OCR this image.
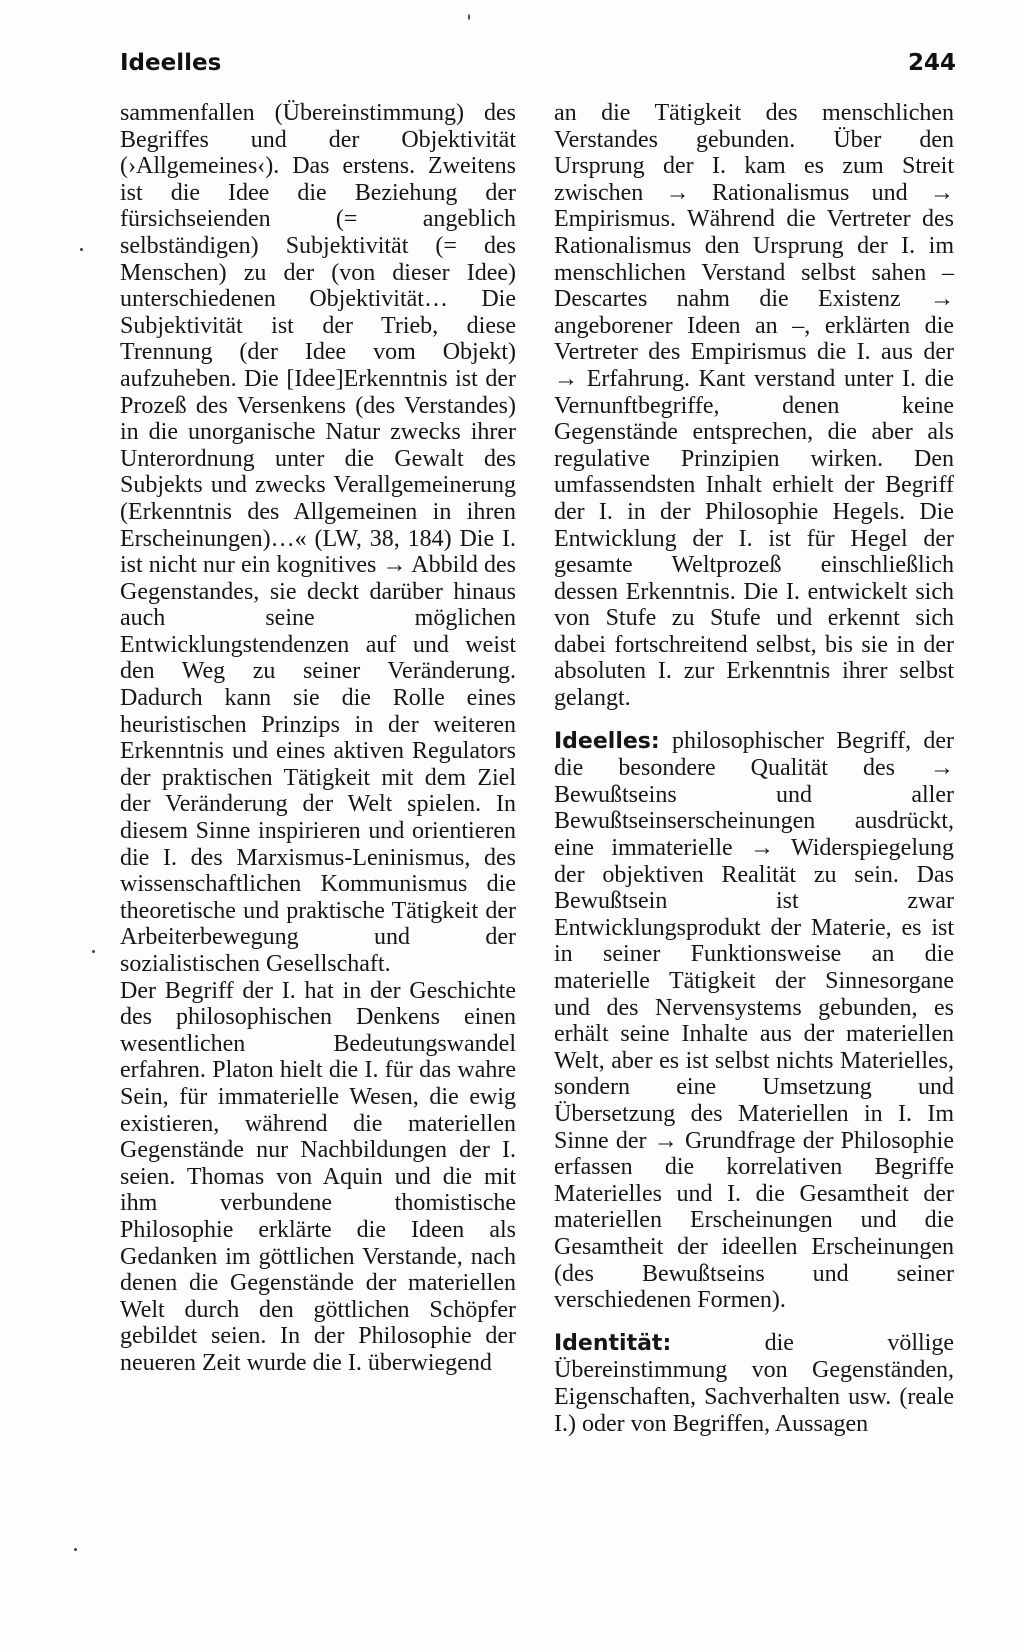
Ideelles	244

sammenfallen (Übereinstimmung) des Begriffes und der Objektivität (›Allgemeines‹). Das erstens. Zweitens ist die Idee die Beziehung der fürsichseienden (= angeblich selbständigen) Subjektivität (= des Menschen) zu der (von dieser Idee) unterschiedenen Objektivität… Die Subjektivität ist der Trieb, diese Trennung (der Idee vom Objekt) aufzuheben. Die [Idee]Erkenntnis ist der Prozeß des Versenkens (des Verstandes) in die unorganische Natur zwecks ihrer Unterordnung unter die Gewalt des Subjekts und zwecks Verallgemeinerung (Erkenntnis des Allgemeinen in ihren Erscheinungen)…« (LW, 38, 184) Die I. ist nicht nur ein kognitives → Abbild des Gegenstandes, sie deckt darüber hinaus auch seine möglichen Entwicklungstendenzen auf und weist den Weg zu seiner Veränderung. Dadurch kann sie die Rolle eines heuristischen Prinzips in der weiteren Erkenntnis und eines aktiven Regulators der praktischen Tätigkeit mit dem Ziel der Veränderung der Welt spielen. In diesem Sinne inspirieren und orientieren die I. des Marxismus-Leninismus, des wissenschaftlichen Kommunismus die theoretische und praktische Tätigkeit der Arbeiterbewegung und der sozialistischen Gesellschaft.

Der Begriff der I. hat in der Geschichte des philosophischen Denkens einen wesentlichen Bedeutungswandel erfahren. Platon hielt die I. für das wahre Sein, für immaterielle Wesen, die ewig existieren, während die materiellen Gegenstände nur Nachbildungen der I. seien. Thomas von Aquin und die mit ihm verbundene thomistische Philosophie erklärte die Ideen als Gedanken im göttlichen Verstande, nach denen die Gegenstände der materiellen Welt durch den göttlichen Schöpfer gebildet seien. In der Philosophie der neueren Zeit wurde die I. überwiegend

an die Tätigkeit des menschlichen Verstandes gebunden. Über den Ursprung der I. kam es zum Streit zwischen → Rationalismus und → Empirismus. Während die Vertreter des Rationalismus den Ursprung der I. im menschlichen Verstand selbst sahen – Descartes nahm die Existenz → angeborener Ideen an –, erklärten die Vertreter des Empirismus die I. aus der → Erfahrung. Kant verstand unter I. die Vernunftbegriffe, denen keine Gegenstände entsprechen, die aber als regulative Prinzipien wirken. Den umfassendsten Inhalt erhielt der Begriff der I. in der Philosophie Hegels. Die Entwicklung der I. ist für Hegel der gesamte Weltprozeß einschließlich dessen Erkenntnis. Die I. entwickelt sich von Stufe zu Stufe und erkennt sich dabei fortschreitend selbst, bis sie in der absoluten I. zur Erkenntnis ihrer selbst gelangt.

Ideelles: philosophischer Begriff, der die besondere Qualität des → Bewußtseins und aller Bewußtseinserscheinungen ausdrückt, eine immaterielle → Widerspiegelung der objektiven Realität zu sein. Das Bewußtsein ist zwar Entwicklungsprodukt der Materie, es ist in seiner Funktionsweise an die materielle Tätigkeit der Sinnesorgane und des Nervensystems gebunden, es erhält seine Inhalte aus der materiellen Welt, aber es ist selbst nichts Materielles, sondern eine Umsetzung und Übersetzung des Materiellen in I. Im Sinne der → Grundfrage der Philosophie erfassen die korrelativen Begriffe Materielles und I. die Gesamtheit der materiellen Erscheinungen und die Gesamtheit der ideellen Erscheinungen (des Bewußtseins und seiner verschiedenen Formen).

Identität:	die völlige Übereinstimmung von Gegenständen, Eigenschaften, Sachverhalten usw. (reale I.) oder von Begriffen, Aussagen
